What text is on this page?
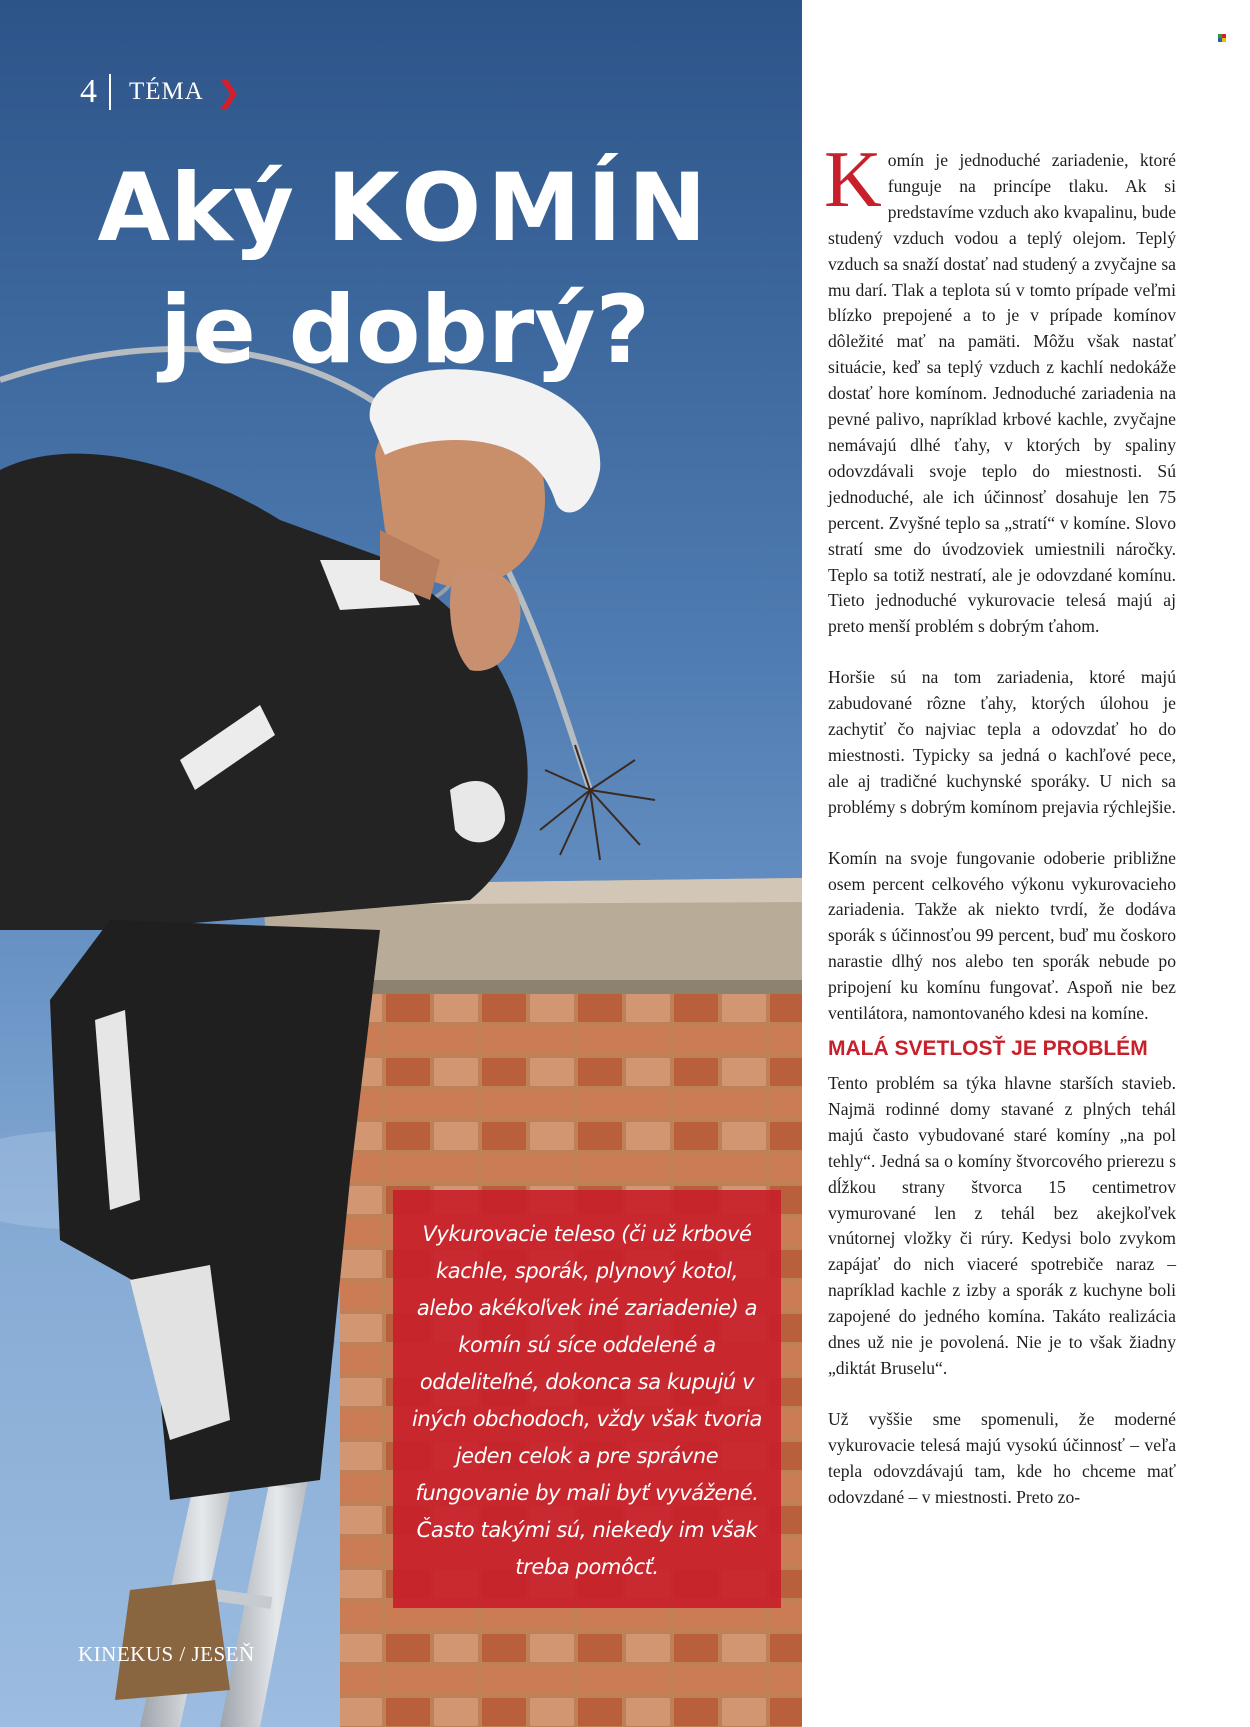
4 TÉMA ❯
Aký KOMÍN
je dobrý?

Vykurovacie teleso (či už krbové kachle, sporák, plynový kotol, alebo akékoľvek iné zariadenie) a komín sú síce oddelené a oddeliteľné, dokonca sa kupujú v iných obchodoch, vždy však tvoria jeden celok a pre správne fungovanie by mali byť vyvážené. Často takými sú, niekedy im však treba pomôcť.

KINEKUS / JESEŇ

Komín je jednoduché zariadenie, ktoré funguje na princípe tlaku. Ak si predstavíme vzduch ako kvapalinu, bude studený vzduch vodou a teplý olejom. Teplý vzduch sa snaží dostať nad studený a zvyčajne sa mu darí. Tlak a teplota sú v tomto prípade veľmi blízko prepojené a to je v prípade komínov dôležité mať na pamäti. Môžu však nastať situácie, keď sa teplý vzduch z kachlí nedokáže dostať hore komínom. Jednoduché zariadenia na pevné palivo, napríklad krbové kachle, zvyčajne nemávajú dlhé ťahy, v ktorých by spaliny odovzdávali svoje teplo do miestnosti. Sú jednoduché, ale ich účinnosť dosahuje len 75 percent. Zvyšné teplo sa „stratí“ v komíne. Slovo stratí sme do úvodzoviek umiestnili náročky. Teplo sa totiž nestratí, ale je odovzdané komínu. Tieto jednoduché vykurovacie telesá majú aj preto menší problém s dobrým ťahom.

Horšie sú na tom zariadenia, ktoré majú zabudované rôzne ťahy, ktorých úlohou je zachytiť čo najviac tepla a odovzdať ho do miestnosti. Typicky sa jedná o kachľové pece, ale aj tradičné kuchynské sporáky. U nich sa problémy s dobrým komínom prejavia rýchlejšie.

Komín na svoje fungovanie odoberie približne osem percent celkového výkonu vykurovacieho zariadenia. Takže ak niekto tvrdí, že dodáva sporák s účinnosťou 99 percent, buď mu čoskoro narastie dlhý nos alebo ten sporák nebude po pripojení ku komínu fungovať. Aspoň nie bez ventilátora, namontovaného kdesi na komíne.

MALÁ SVETLOSŤ JE PROBLÉM

Tento problém sa týka hlavne starších stavieb. Najmä rodinné domy stavané z plných tehál majú často vybudované staré komíny „na pol tehly“. Jedná sa o komíny štvorcového prierezu s dĺžkou strany štvorca 15 centimetrov vymurované len z tehál bez akejkoľvek vnútornej vložky či rúry. Kedysi bolo zvykom zapájať do nich viaceré spotrebiče naraz – napríklad kachle z izby a sporák z kuchyne boli zapojené do jedného komína. Takáto realizácia dnes už nie je povolená. Nie je to však žiadny „diktát Bruselu“.

Už vyššie sme spomenuli, že moderné vykurovacie telesá majú vysokú účinnosť – veľa tepla odovzdávajú tam, kde ho chceme mať odovzdané – v miestnosti. Preto zo-
